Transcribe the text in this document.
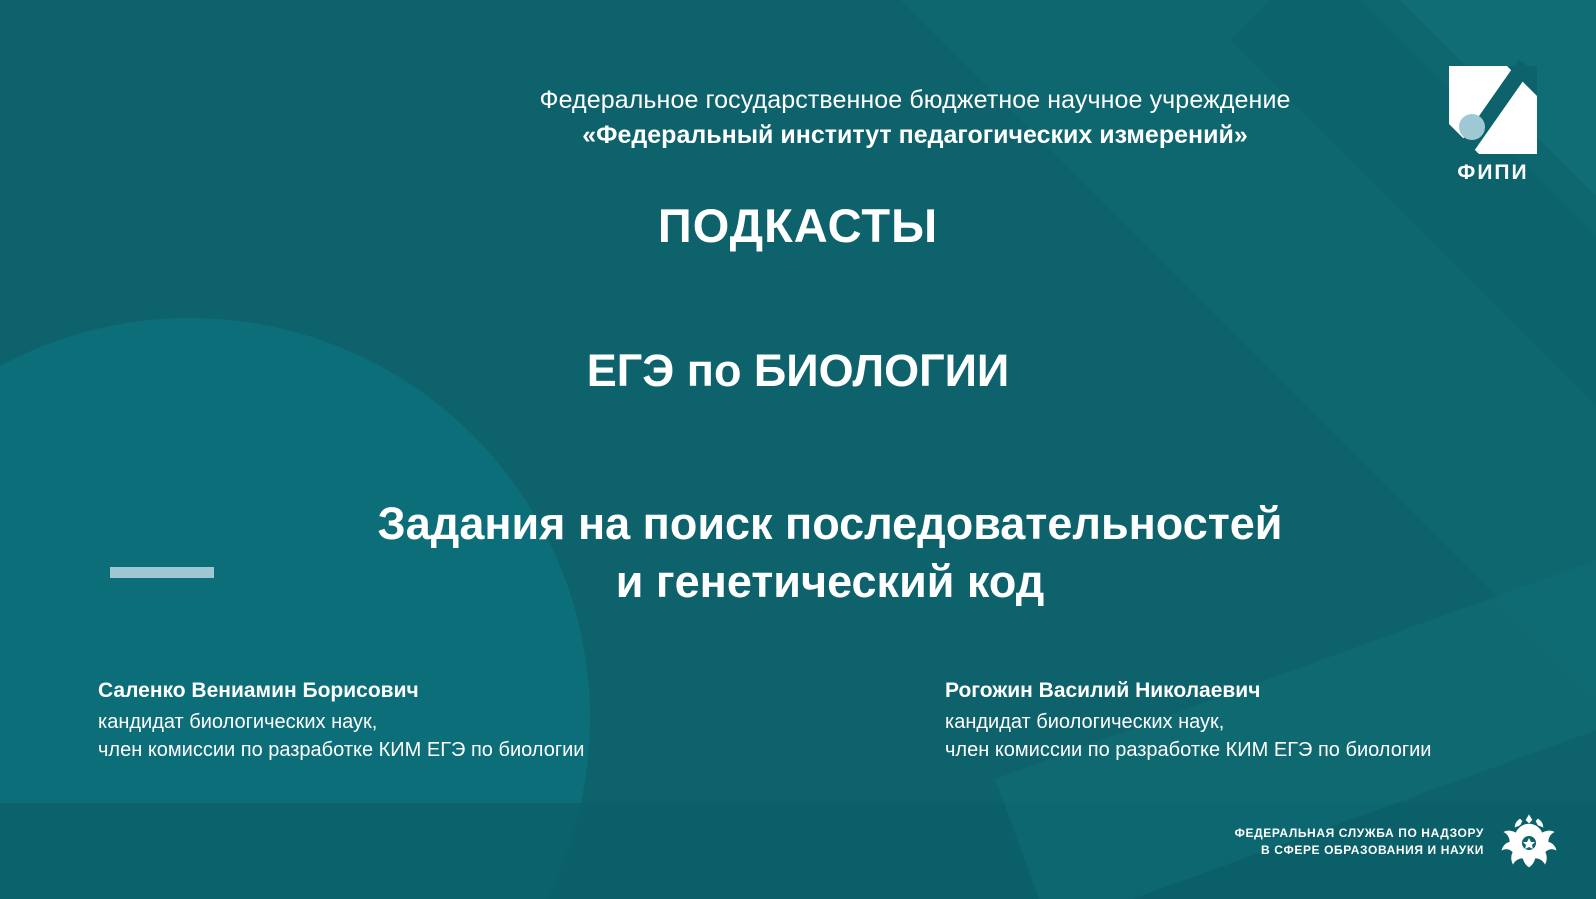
Федеральное государственное бюджетное научное учреждение
«Федеральный институт педагогических измерений»
ФИПИ
ПОДКАСТЫ
ЕГЭ по БИОЛОГИИ
Задания на поиск последовательностей
и генетический код
Саленко Вениамин Борисович
кандидат биологических наук,
член комиссии по разработке КИМ ЕГЭ по биологии
Рогожин Василий Николаевич
кандидат биологических наук,
член комиссии по разработке КИМ ЕГЭ по биологии
ФЕДЕРАЛЬНАЯ СЛУЖБА ПО НАДЗОРУ
В СФЕРЕ ОБРАЗОВАНИЯ И НАУКИ
